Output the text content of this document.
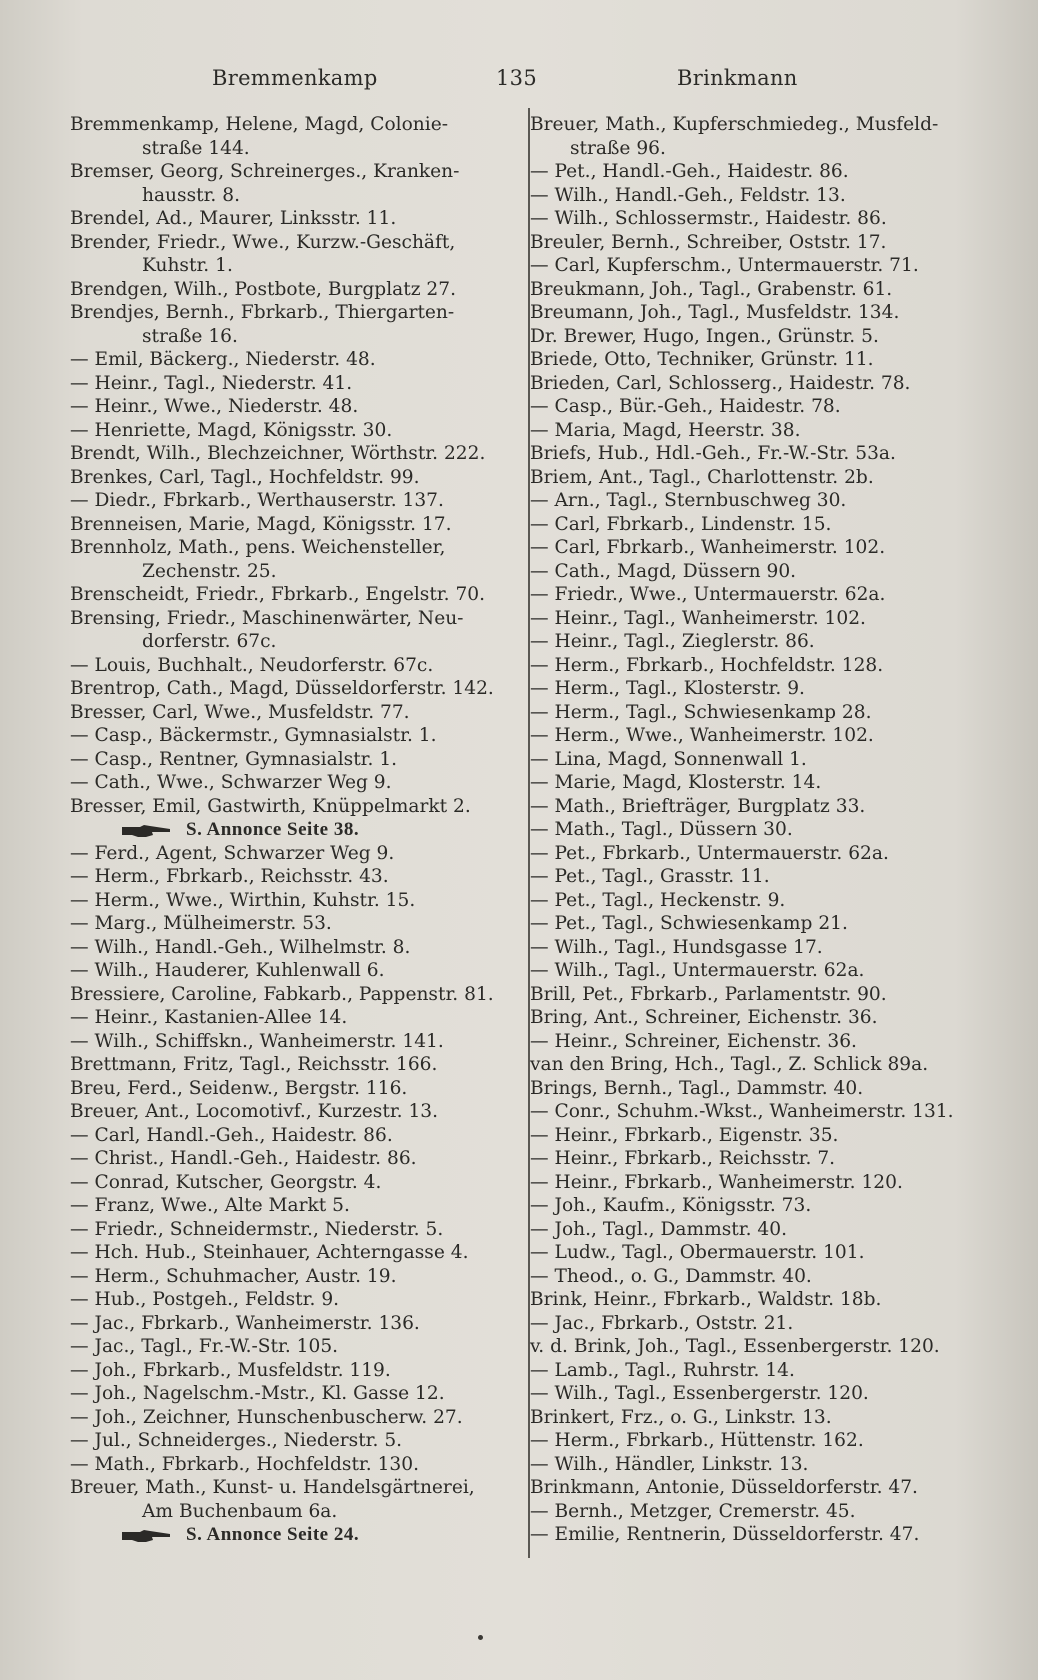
Bremmenkamp	135	Brinkmann
Bremmenkamp, Helene, Magd, Colonie-straße 144.
Bremser, Georg, Schreinerges., Kranken-hausstr. 8.
Brendel, Ad., Maurer, Linksstr. 11.
Brender, Friedr., Wwe., Kurzw.-Geschäft, Kuhstr. 1.
Brendgen, Wilh., Postbote, Burgplatz 27.
Brendjes, Bernh., Fbrkarb., Thiergarten-straße 16.
— Emil, Bäckerg., Niederstr. 48.
— Heinr., Tagl., Niederstr. 41.
— Heinr., Wwe., Niederstr. 48.
— Henriette, Magd, Königsstr. 30.
Brendt, Wilh., Blechzeichner, Wörthstr. 222.
Brenkes, Carl, Tagl., Hochfeldstr. 99.
— Diedr., Fbrkarb., Werthauserstr. 137.
Brenneisen, Marie, Magd, Königsstr. 17.
Brennholz, Math., pens. Weichensteller, Zechenstr. 25.
Brenscheidt, Friedr., Fbrkarb., Engelstr. 70.
Brensing, Friedr., Maschinenwärter, Neu-dorferstr. 67c.
— Louis, Buchhalt., Neudorferstr. 67c.
Brentrop, Cath., Magd, Düsseldorferstr. 142.
Bresser, Carl, Wwe., Musfeldstr. 77.
— Casp., Bäckermstr., Gymnasialstr. 1.
— Casp., Rentner, Gymnasialstr. 1.
— Cath., Wwe., Schwarzer Weg 9.
Bresser, Emil, Gastwirth, Knüppelmarkt 2.
S. Annonce Seite 38.
— Ferd., Agent, Schwarzer Weg 9.
— Herm., Fbrkarb., Reichsstr. 43.
— Herm., Wwe., Wirthin, Kuhstr. 15.
— Marg., Mülheimerstr. 53.
— Wilh., Handl.-Geh., Wilhelmstr. 8.
— Wilh., Hauderer, Kuhlenwall 6.
Bressiere, Caroline, Fabkarb., Pappenstr. 81.
— Heinr., Kastanien-Allee 14.
— Wilh., Schiffskn., Wanheimerstr. 141.
Brettmann, Fritz, Tagl., Reichsstr. 166.
Breu, Ferd., Seidenw., Bergstr. 116.
Breuer, Ant., Locomotivf., Kurzestr. 13.
— Carl, Handl.-Geh., Haidestr. 86.
— Christ., Handl.-Geh., Haidestr. 86.
— Conrad, Kutscher, Georgstr. 4.
— Franz, Wwe., Alte Markt 5.
— Friedr., Schneidermstr., Niederstr. 5.
— Hch. Hub., Steinhauer, Achterngasse 4.
— Herm., Schuhmacher, Austr. 19.
— Hub., Postgeh., Feldstr. 9.
— Jac., Fbrkarb., Wanheimerstr. 136.
— Jac., Tagl., Fr.-W.-Str. 105.
— Joh., Fbrkarb., Musfeldstr. 119.
— Joh., Nagelschm.-Mstr., Kl. Gasse 12.
— Joh., Zeichner, Hunschenbuscherw. 27.
— Jul., Schneiderges., Niederstr. 5.
— Math., Fbrkarb., Hochfeldstr. 130.
Breuer, Math., Kunst- u. Handelsgärtnerei, Am Buchenbaum 6a.
S. Annonce Seite 24.
Breuer, Math., Kupferschmiedeg., Musfeld-straße 96.
— Pet., Handl.-Geh., Haidestr. 86.
— Wilh., Handl.-Geh., Feldstr. 13.
— Wilh., Schlossermstr., Haidestr. 86.
Breuler, Bernh., Schreiber, Oststr. 17.
— Carl, Kupferschm., Untermauerstr. 71.
Breukmann, Joh., Tagl., Grabenstr. 61.
Breumann, Joh., Tagl., Musfeldstr. 134.
Dr. Brewer, Hugo, Ingen., Grünstr. 5.
Briede, Otto, Techniker, Grünstr. 11.
Brieden, Carl, Schlosserg., Haidestr. 78.
— Casp., Bür.-Geh., Haidestr. 78.
— Maria, Magd, Heerstr. 38.
Briefs, Hub., Hdl.-Geh., Fr.-W.-Str. 53a.
Briem, Ant., Tagl., Charlottenstr. 2b.
— Arn., Tagl., Sternbuschweg 30.
— Carl, Fbrkarb., Lindenstr. 15.
— Carl, Fbrkarb., Wanheimerstr. 102.
— Cath., Magd, Düssern 90.
— Friedr., Wwe., Untermauerstr. 62a.
— Heinr., Tagl., Wanheimerstr. 102.
— Heinr., Tagl., Zieglerstr. 86.
— Herm., Fbrkarb., Hochfeldstr. 128.
— Herm., Tagl., Klosterstr. 9.
— Herm., Tagl., Schwiesenkamp 28.
— Herm., Wwe., Wanheimerstr. 102.
— Lina, Magd, Sonnenwall 1.
— Marie, Magd, Klosterstr. 14.
— Math., Briefträger, Burgplatz 33.
— Math., Tagl., Düssern 30.
— Pet., Fbrkarb., Untermauerstr. 62a.
— Pet., Tagl., Grasstr. 11.
— Pet., Tagl., Heckenstr. 9.
— Pet., Tagl., Schwiesenkamp 21.
— Wilh., Tagl., Hundsgasse 17.
— Wilh., Tagl., Untermauerstr. 62a.
Brill, Pet., Fbrkarb., Parlamentstr. 90.
Bring, Ant., Schreiner, Eichenstr. 36.
— Heinr., Schreiner, Eichenstr. 36.
van den Bring, Hch., Tagl., Z. Schlick 89a.
Brings, Bernh., Tagl., Dammstr. 40.
— Conr., Schuhm.-Wkst., Wanheimerstr. 131.
— Heinr., Fbrkarb., Eigenstr. 35.
— Heinr., Fbrkarb., Reichsstr. 7.
— Heinr., Fbrkarb., Wanheimerstr. 120.
— Joh., Kaufm., Königsstr. 73.
— Joh., Tagl., Dammstr. 40.
— Ludw., Tagl., Obermauerstr. 101.
— Theod., o. G., Dammstr. 40.
Brink, Heinr., Fbrkarb., Waldstr. 18b.
— Jac., Fbrkarb., Oststr. 21.
v. d. Brink, Joh., Tagl., Essenbergerstr. 120.
— Lamb., Tagl., Ruhrstr. 14.
— Wilh., Tagl., Essenbergerstr. 120.
Brinkert, Frz., o. G., Linkstr. 13.
— Herm., Fbrkarb., Hüttenstr. 162.
— Wilh., Händler, Linkstr. 13.
Brinkmann, Antonie, Düsseldorferstr. 47.
— Bernh., Metzger, Cremerstr. 45.
— Emilie, Rentnerin, Düsseldorferstr. 47.
